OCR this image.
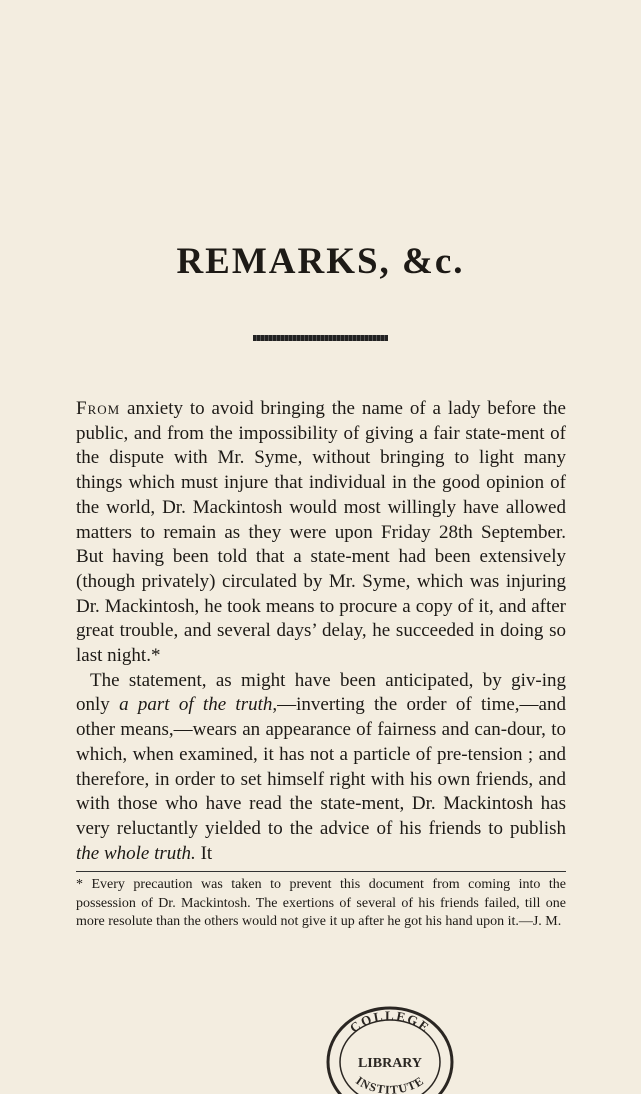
REMARKS, &c.

From anxiety to avoid bringing the name of a lady before the public, and from the impossibility of giving a fair state-ment of the dispute with Mr. Syme, without bringing to light many things which must injure that individual in the good opinion of the world, Dr. Mackintosh would most willingly have allowed matters to remain as they were upon Friday 28th September. But having been told that a state-ment had been extensively (though privately) circulated by Mr. Syme, which was injuring Dr. Mackintosh, he took means to procure a copy of it, and after great trouble, and several days’ delay, he succeeded in doing so last night.*

The statement, as might have been anticipated, by giv-ing only a part of the truth,—inverting the order of time,—and other means,—wears an appearance of fairness and can-dour, to which, when examined, it has not a particle of pre-tension ; and therefore, in order to set himself right with his own friends, and with those who have read the state-ment, Dr. Mackintosh has very reluctantly yielded to the advice of his friends to publish the whole truth. It

* Every precaution was taken to prevent this document from coming into the possession of Dr. Mackintosh. The exertions of several of his friends failed, till one more resolute than the others would not give it up after he got his hand upon it.—J. M.

COLLEGE
LIBRARY
INSTITUTE
